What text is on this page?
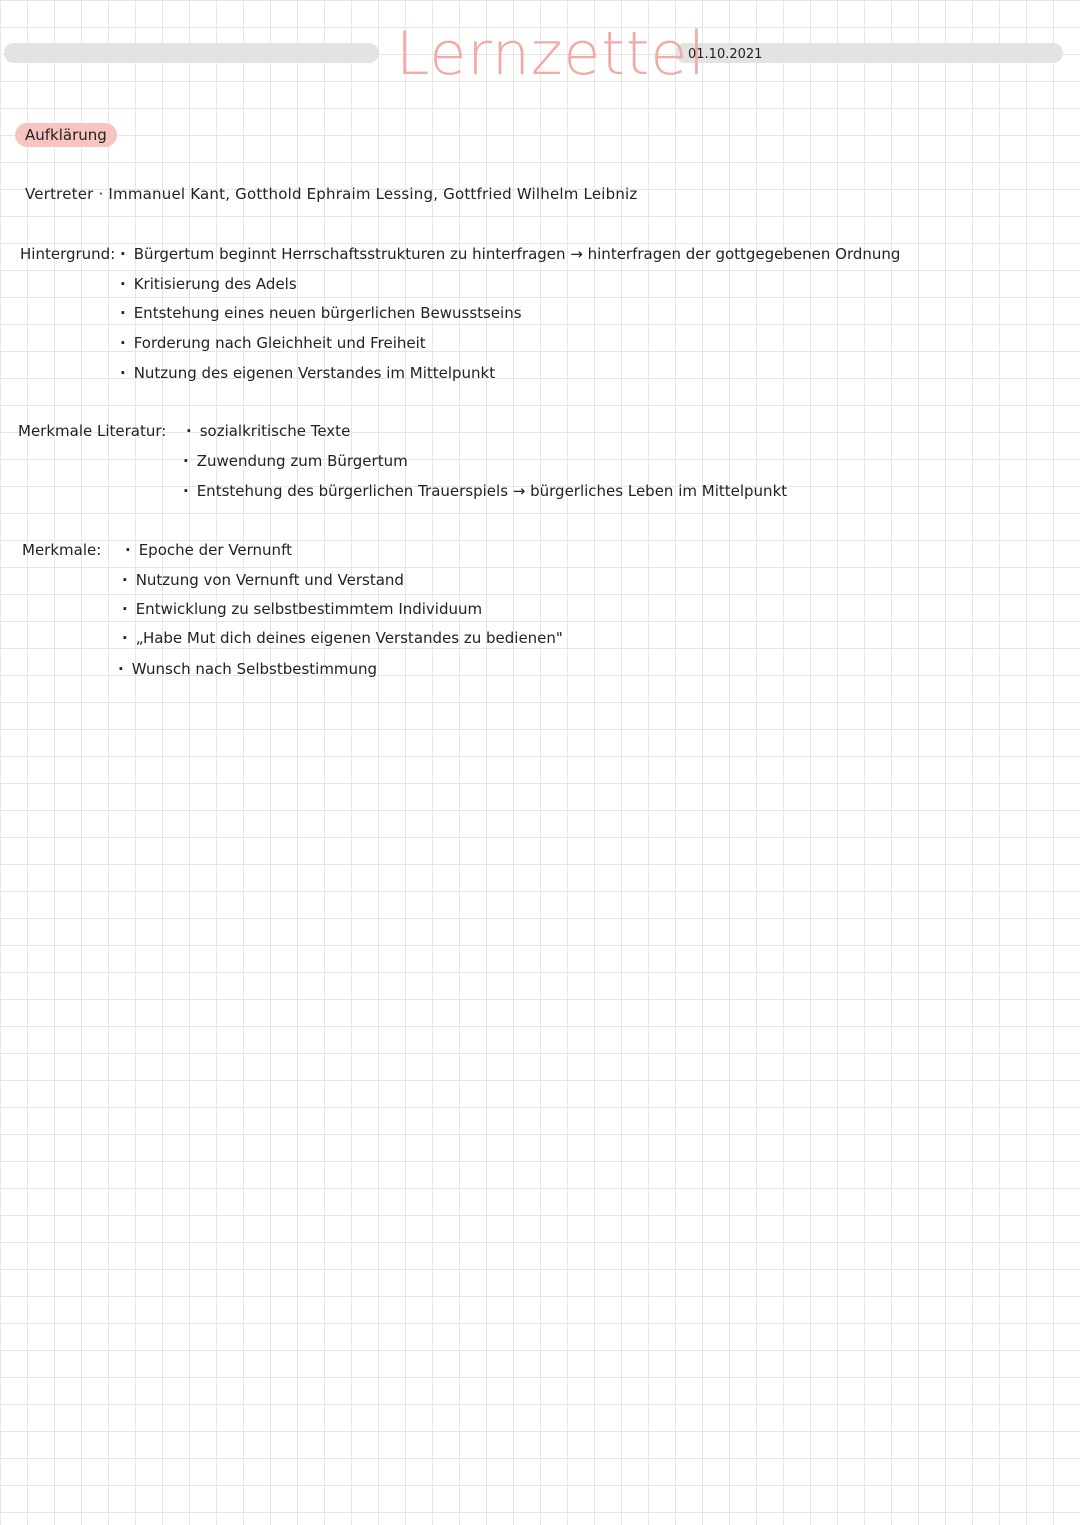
Lernzettel
01.10.2021
Aufklärung
Vertreter · Immanuel Kant, Gotthold Ephraim Lessing, Gottfried Wilhelm Leibniz
Hintergrund:	· Bürgertum beginnt Herrschaftsstrukturen zu hinterfragen → hinterfragen der gottgegebenen Ordnung
· Kritisierung des Adels
· Entstehung eines neuen bürgerlichen Bewusstseins
· Forderung nach Gleichheit und Freiheit
· Nutzung des eigenen Verstandes im Mittelpunkt
Merkmale Literatur:	· sozialkritische Texte
· Zuwendung zum Bürgertum
· Entstehung des bürgerlichen Trauerspiels → bürgerliches Leben im Mittelpunkt
Merkmale:	· Epoche der Vernunft
· Nutzung von Vernunft und Verstand
· Entwicklung zu selbstbestimmtem Individuum
· „Habe Mut dich deines eigenen Verstandes zu bedienen"
· Wunsch nach Selbstbestimmung
